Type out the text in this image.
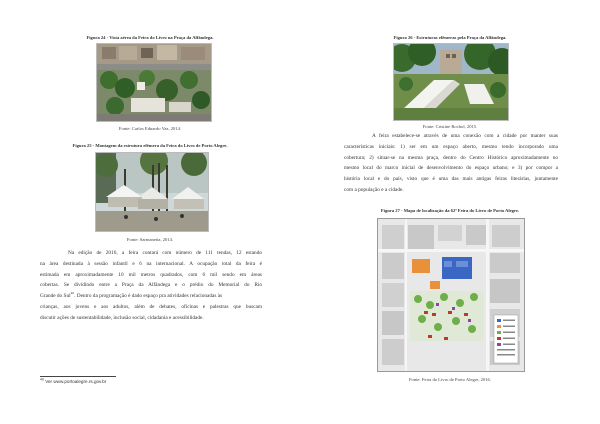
Figura 24 - Vista aérea da Feira do Livro na Praça da Alfândega.
Fonte: Carlos Eduardo Vaz, 2014.
Figura 25 - Montagem da estrutura efêmera da Feira do Livro de Porto Alegre.
Fonte: Sarmanetta, 2014.
Na edição de 2016, a feira contará com número de 111 tendas, 12 estando
na área destinada à sessão infantil e 6 na internacional. A ocupação total da feira é
estimada em aproximadamente 10 mil metros quadrados, com 6 mil sendo em áreas
cobertas. Se dividindo entre a Praça da Alfândega e o prédio do Memorial do Rio
Grande do Sul$^{40}$. Dentro da programação é dado espaço pra atividades relacionadas às
crianças, aos jovens e aos adultos, além de debates, oficinas e palestras que buscam
discutir ações de sustentabilidade, inclusão social, cidadania e acessibilidade.
$^{40}$ Ver www.portoalegre.rs.gov.br
Figura 26 - Estruturas efêmeras pela Praça da Alfândega.
Fonte: Cristine Rochol, 2015.
A feira estabelece-se através de uma conexão com a cidade por manter suas
características iniciais: 1) ser em um espaço aberto, mesmo tendo incorporado uma
cobertura; 2) situar-se na mesma praça, dentro do Centro Histórico aproximadamente no
mesmo local do marco inicial de desenvolvimento do espaço urbano; e 3) por compor a
história local e do país, visto que é uma das mais antigas feiras literárias, juntamente
com a população e a cidade.
Figura 27 - Mapa de localização da 62ª Feira do Livro de Porto Alegre.
Fonte: Feira do Livro de Porto Alegre, 2016.
